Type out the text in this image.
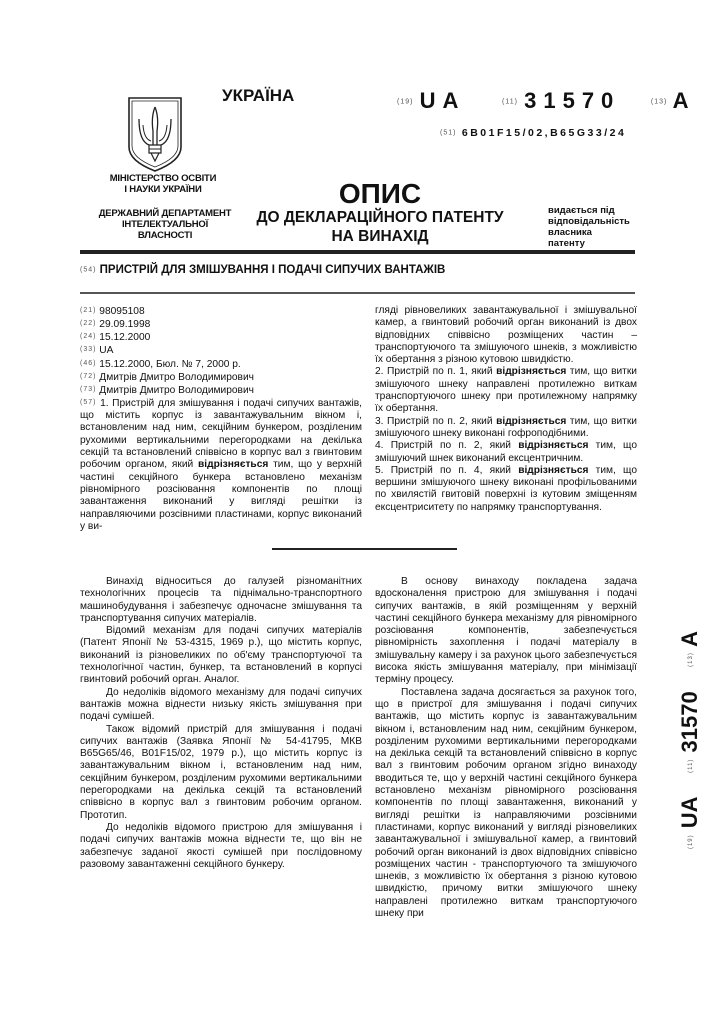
МІНІСТЕРСТВО ОСВІТИ
І НАУКИ УКРАЇНИ
ДЕРЖАВНИЙ ДЕПАРТАМЕНТ
ІНТЕЛЕКТУАЛЬНОЇ
ВЛАСНОСТІ
УКРАЇНА	(19) UA	(11) 31570	(13) A
(51) 6B01F15/02,B65G33/24
ОПИС
ДО ДЕКЛАРАЦІЙНОГО ПАТЕНТУ
НА ВИНАХІД
видається під
відповідальність
власника
патенту
(54) ПРИСТРІЙ ДЛЯ ЗМІШУВАННЯ І ПОДАЧІ СИПУЧИХ ВАНТАЖІВ
(21) 98095108
(22) 29.09.1998
(24) 15.12.2000
(33) UA
(46) 15.12.2000, Бюл. № 7, 2000 р.
(72) Дмитрів Дмитро Володимирович
(73) Дмитрів Дмитро Володимирович
(57) 1. Пристрій для змішування і подачі сипучих вантажів, що містить корпус із завантажувальним вікном і, встановленим над ним, секційним бункером, розділеним рухомими вертикальними перегородками на декілька секцій та встановлений співвісно в корпус вал з гвинтовим робочим органом, який відрізняється тим, що у верхній частині секційного бункера встановлено механізм рівномірного розсіювання компонентів по площі завантаження виконаний у вигляді решітки із направляючими розсівними пластинами, корпус виконаний у ви-
гляді рівновеликих завантажувальної і змішувальної камер, а гвинтовий робочий орган виконаний із двох відповідних співвісно розміщених частин – транспортуючого та змішуючого шнеків, з можливістю їх обертання з різною кутовою швидкістю.
2. Пристрій по п. 1, який відрізняється тим, що витки змішуючого шнеку направлені протилежно виткам транспортуючого шнеку при протилежному напрямку їх обертання.
3. Пристрій по п. 2, який відрізняється тим, що витки змішуючого шнеку виконані гофроподібними.
4. Пристрій по п. 2, який відрізняється тим, що змішуючий шнек виконаний ексцентричним.
5. Пристрій по п. 4, який відрізняється тим, що вершини змішуючого шнеку виконані профільованими по хвилястій гвитовій поверхні із кутовим зміщенням ексцентриситету по напрямку транспортування.

Винахід відноситься до галузей різноманітних технологічних процесів та піднімально-транспортного машинобудування і забезпечує одночасне змішування та транспортування сипучих матеріалів.

Відомий механізм для подачі сипучих матеріалів (Патент Японії № 53-4315, 1969 р.), що містить корпус, виконаний із різновеликих по об'єму транспортуючої та технологічної частин, бункер, та встановлений в корпусі гвинтовий робочий орган. Аналог.

До недоліків відомого механізму для подачі сипучих вантажів можна віднести низьку якість змішування при подачі сумішей.

Також відомий пристрій для змішування і подачі сипучих вантажів (Заявка Японії № 54-41795, МКВ B65G65/46, B01F15/02, 1979 р.), що містить корпус із завантажувальним вікном і, встановленим над ним, секційним бункером, розділеним рухомими вертикальними перегородками на декілька секцій та встановлений співвісно в корпус вал з гвинтовим робочим органом. Прототип.

До недоліків відомого пристрою для змішування і подачі сипучих вантажів можна віднести те, що він не забезпечує заданої якості сумішей при послідовному разовому завантаженні секційного бункеру.

В основу винаходу покладена задача вдосконалення пристрою для змішування і подачі сипучих вантажів, в якій розміщенням у верхній частині секційного бункера механізму для рівномірного розсіювання компонентів, забезпечується рівномірність захоплення і подачі матеріалу в змішувальну камеру і за рахунок цього забезпечується висока якість змішування матеріалу, при мінімізації терміну процесу.

Поставлена задача досягається за рахунок того, що в пристрої для змішування і подачі сипучих вантажів, що містить корпус із завантажувальним вікном і, встановленим над ним, секційним бункером, розділеним рухомими вертикальними перегородками на декілька секцій та встановлений співвісно в корпус вал з гвинтовим робочим органом згідно винаходу вводиться те, що у верхній частині секційного бункера встановлено механізм рівномірного розсіювання компонентів по площі завантаження, виконаний у вигляді решітки із направляючими розсівними пластинами, корпус виконаний у вигляді різновеликих завантажувальної і змішувальної камер, а гвинтовий робочий орган виконаний із двох відповідних співвісно розміщених частин - транспортуючого та змішуючого шнеків, з можливістю їх обертання з різною кутовою швидкістю, причому витки змішуючого шнеку направлені протилежно виткам транспортуючого шнеку при

(19) UA    (11) 31570    (13) A
